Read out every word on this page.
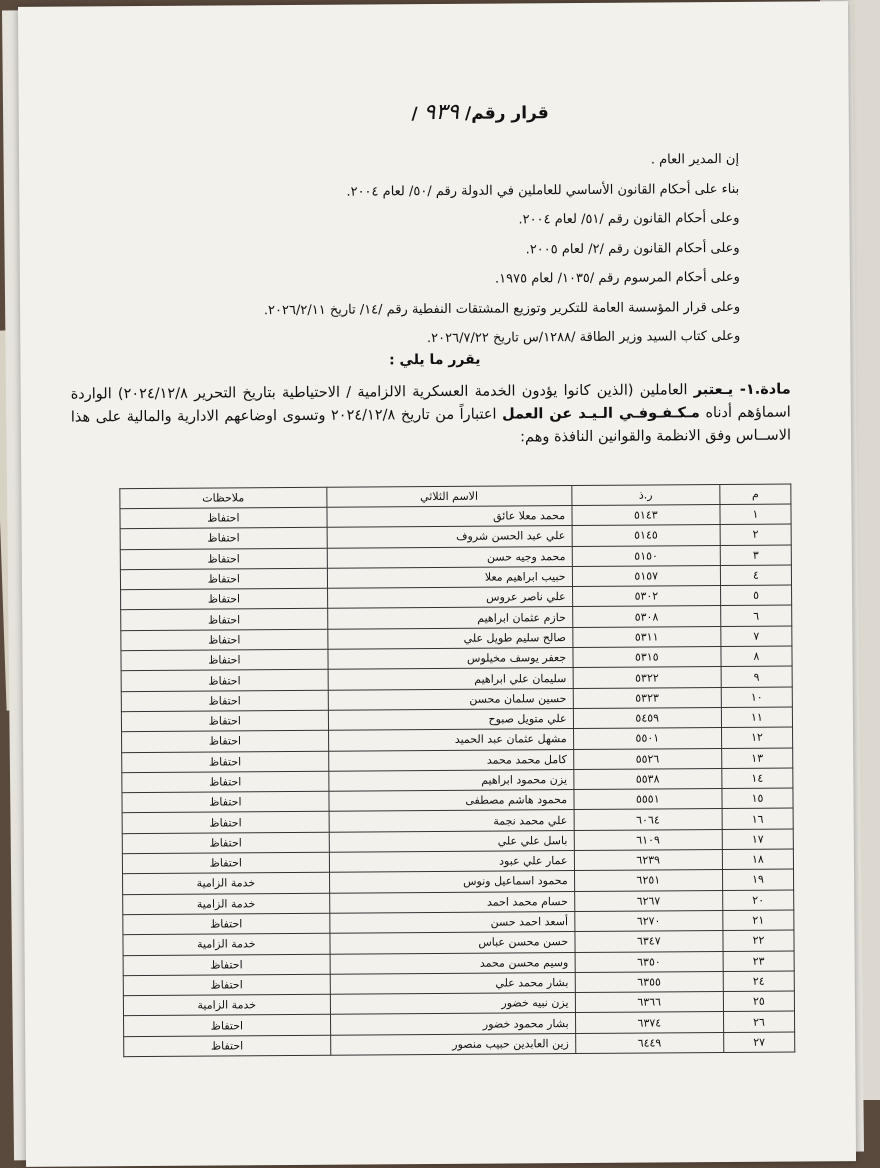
قرار رقم/ ٩٣٩ /
إن المدير العام .
بناء على أحكام القانون الأساسي للعاملين في الدولة رقم /٥٠/ لعام ٢٠٠٤.
وعلى أحكام القانون رقم /٥١/ لعام ٢٠٠٤.
وعلى أحكام القانون رقم /٢/ لعام ٢٠٠٥.
وعلى أحكام المرسوم رقم /١٠٣٥/ لعام ١٩٧٥.
وعلى قرار المؤسسة العامة للتكرير وتوزيع المشتقات النفطية رقم /١٤/ تاريخ ٢٠٢٦/٢/١١.
وعلى كتاب السيد وزير الطاقة /١٢٨٨/س تاريخ ٢٠٢٦/٧/٢٢.
يقرر ما يلي :
مادة.١- يـعتبر العاملين (الذين كانوا يؤدون الخدمة العسكرية الالزامية / الاحتياطية بتاريخ التحرير ٢٠٢٤/١٢/٨) الواردة اسماؤهم أدناه مـكـفـوفـي الـيـد عن العمل اعتباراً من تاريخ ٢٠٢٤/١٢/٨ وتسوى اوضاعهم الادارية والمالية على هذا الاســاس وفق الانظمة والقوانين النافذة وهم:
م	ر.ذ	الاسم الثلاثي	ملاحظات
١	٥١٤٣	محمد معلا عائق	احتفاظ
٢	٥١٤٥	علي عبد الحسن شروف	احتفاظ
٣	٥١٥٠	محمد وجيه حسن	احتفاظ
٤	٥١٥٧	حبيب ابراهيم معلا	احتفاظ
٥	٥٣٠٢	علي ناصر عروس	احتفاظ
٦	٥٣٠٨	حازم عثمان ابراهيم	احتفاظ
٧	٥٣١١	صالح سليم طويل علي	احتفاظ
٨	٥٣١٥	جعفر يوسف مخيلوس	احتفاظ
٩	٥٣٢٢	سليمان علي ابراهيم	احتفاظ
١٠	٥٣٢٣	حسين سلمان محسن	احتفاظ
١١	٥٤٥٩	علي متويل صبوح	احتفاظ
١٢	٥٥٠١	مشهل عثمان عبد الحميد	احتفاظ
١٣	٥٥٢٦	كامل محمد محمد	احتفاظ
١٤	٥٥٣٨	يزن محمود ابراهيم	احتفاظ
١٥	٥٥٥١	محمود هاشم مصطفى	احتفاظ
١٦	٦٠٦٤	علي محمد نجمة	احتفاظ
١٧	٦١٠٩	باسل علي علي	احتفاظ
١٨	٦٢٣٩	عمار علي عبود	احتفاظ
١٩	٦٢٥١	محمود اسماعيل ونوس	خدمة الزامية
٢٠	٦٢٦٧	حسام محمد احمد	خدمة الزامية
٢١	٦٢٧٠	أسعد احمد حسن	احتفاظ
٢٢	٦٣٤٧	حسن محسن عباس	خدمة الزامية
٢٣	٦٣٥٠	وسيم محسن محمد	احتفاظ
٢٤	٦٣٥٥	بشار محمد علي	احتفاظ
٢٥	٦٣٦٦	يزن نبيه خضور	خدمة الزامية
٢٦	٦٣٧٤	بشار محمود خضور	احتفاظ
٢٧	٦٤٤٩	زين العابدين حبيب منصور	احتفاظ
